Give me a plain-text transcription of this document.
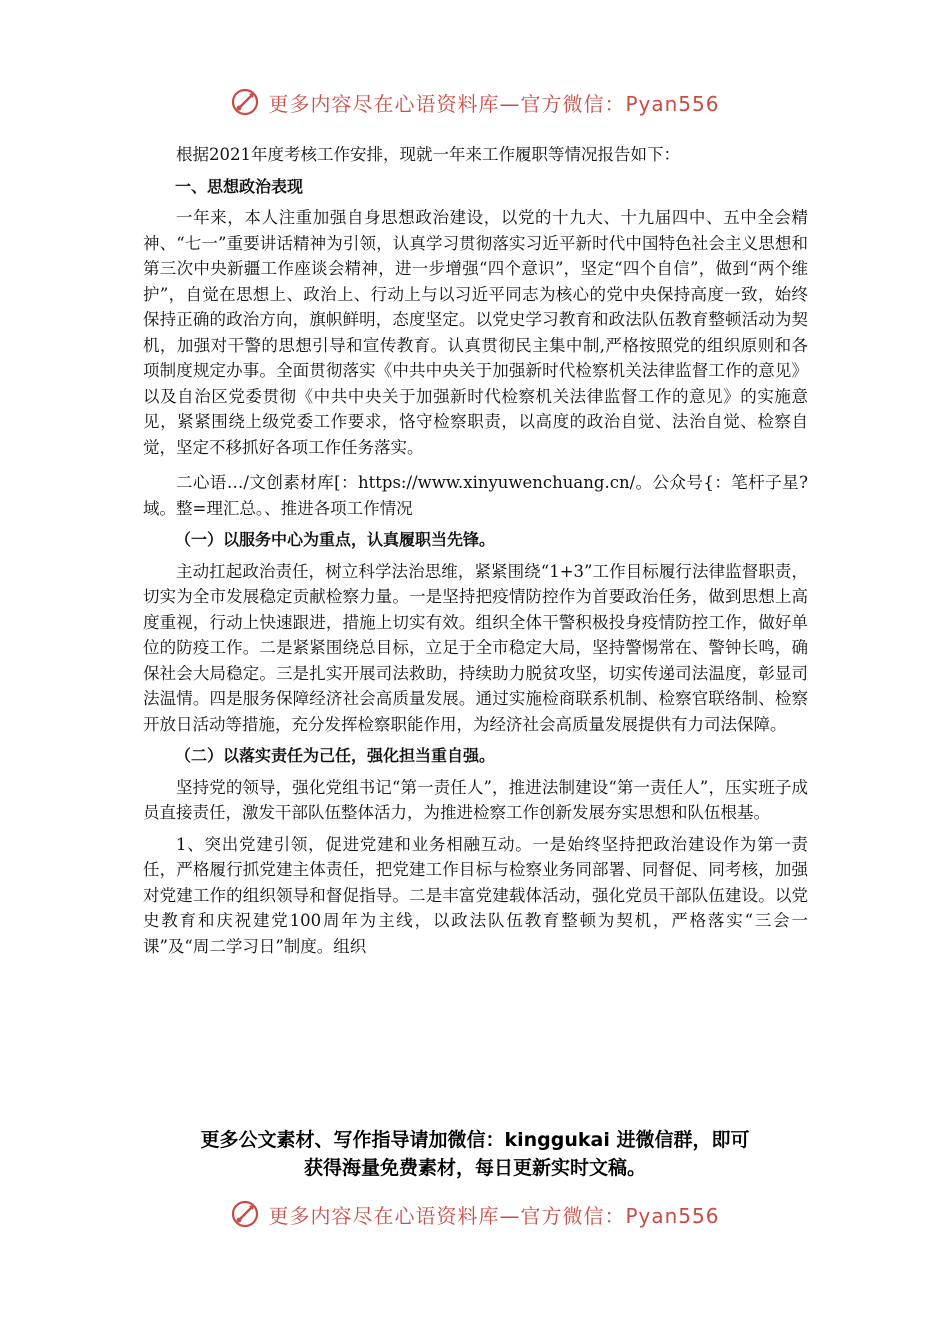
更多内容尽在心语资料库—官方微信：Pyan556

根据2021年度考核工作安排，现就一年来工作履职等情况报告如下：

一、思想政治表现

一年来，本人注重加强自身思想政治建设，以党的十九大、十九届四中、五中全会精神、“七一”重要讲话精神为引领，认真学习贯彻落实习近平新时代中国特色社会主义思想和第三次中央新疆工作座谈会精神，进一步增强“四个意识”，坚定“四个自信”，做到“两个维护”，自觉在思想上、政治上、行动上与以习近平同志为核心的党中央保持高度一致，始终保持正确的政治方向，旗帜鲜明，态度坚定。以党史学习教育和政法队伍教育整顿活动为契机，加强对干警的思想引导和宣传教育。认真贯彻民主集中制,严格按照党的组织原则和各项制度规定办事。全面贯彻落实《中共中央关于加强新时代检察机关法律监督工作的意见》以及自治区党委贯彻《中共中央关于加强新时代检察机关法律监督工作的意见》的实施意见，紧紧围绕上级党委工作要求，恪守检察职责，以高度的政治自觉、法治自觉、检察自觉，坚定不移抓好各项工作任务落实。

二心语…/文创素材库[：https://www.xinyuwenchuang.cn/。公众号{：笔杆子星?域。整=理汇总。、推进各项工作情况

（一）以服务中心为重点，认真履职当先锋。

主动扛起政治责任，树立科学法治思维，紧紧围绕“1+3”工作目标履行法律监督职责，切实为全市发展稳定贡献检察力量。一是坚持把疫情防控作为首要政治任务，做到思想上高度重视，行动上快速跟进，措施上切实有效。组织全体干警积极投身疫情防控工作，做好单位的防疫工作。二是紧紧围绕总目标，立足于全市稳定大局，坚持警惕常在、警钟长鸣，确保社会大局稳定。三是扎实开展司法救助，持续助力脱贫攻坚，切实传递司法温度，彰显司法温情。四是服务保障经济社会高质量发展。通过实施检商联系机制、检察官联络制、检察开放日活动等措施，充分发挥检察职能作用，为经济社会高质量发展提供有力司法保障。

（二）以落实责任为己任，强化担当重自强。

坚持党的领导，强化党组书记“第一责任人”，推进法制建设“第一责任人”，压实班子成员直接责任，激发干部队伍整体活力，为推进检察工作创新发展夯实思想和队伍根基。

1、突出党建引领，促进党建和业务相融互动。一是始终坚持把政治建设作为第一责任，严格履行抓党建主体责任，把党建工作目标与检察业务同部署、同督促、同考核，加强对党建工作的组织领导和督促指导。二是丰富党建载体活动，强化党员干部队伍建设。以党史教育和庆祝建党100周年为主线，以政法队伍教育整顿为契机，严格落实“三会一课”及“周二学习日”制度。组织

更多公文素材、写作指导请加微信：kinggukai 进微信群，即可
获得海量免费素材，每日更新实时文稿。
更多内容尽在心语资料库—官方微信：Pyan556
